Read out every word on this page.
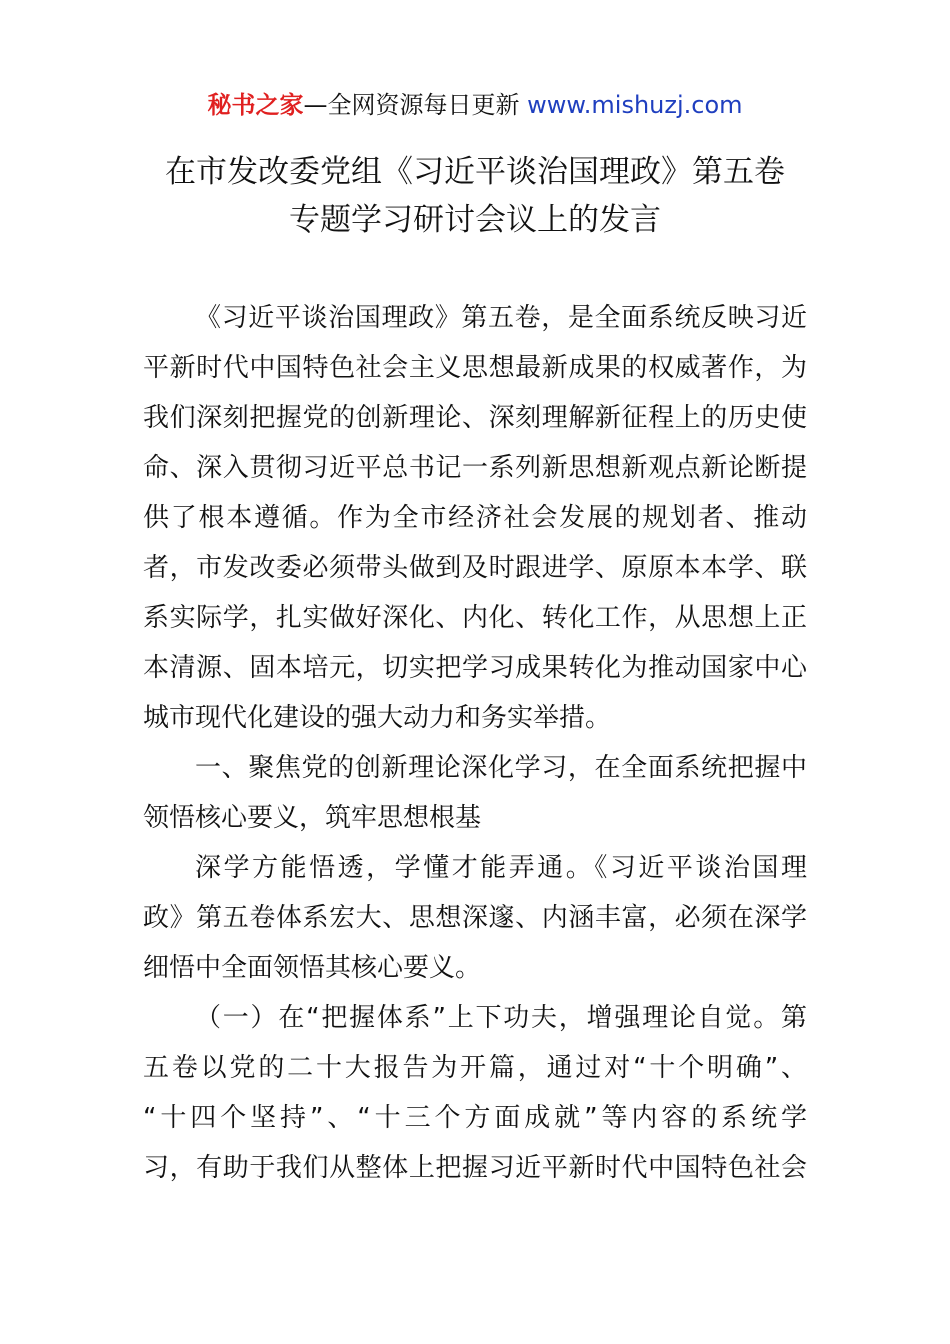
秘书之家—全网资源每日更新 www.mishuzj.com
在市发改委党组《习近平谈治国理政》第五卷
专题学习研讨会议上的发言
《习近平谈治国理政》第五卷，是全面系统反映习近
平新时代中国特色社会主义思想最新成果的权威著作，为
我们深刻把握党的创新理论、深刻理解新征程上的历史使
命、深入贯彻习近平总书记一系列新思想新观点新论断提
供了根本遵循。作为全市经济社会发展的规划者、推动
者，市发改委必须带头做到及时跟进学、原原本本学、联
系实际学，扎实做好深化、内化、转化工作，从思想上正
本清源、固本培元，切实把学习成果转化为推动国家中心
城市现代化建设的强大动力和务实举措。
一、聚焦党的创新理论深化学习，在全面系统把握中
领悟核心要义，筑牢思想根基
深学方能悟透，学懂才能弄通。《习近平谈治国理
政》第五卷体系宏大、思想深邃、内涵丰富，必须在深学
细悟中全面领悟其核心要义。
（一）在“把握体系”上下功夫，增强理论自觉。第
五卷以党的二十大报告为开篇，通过对“十个明确”、
“十四个坚持”、“十三个方面成就”等内容的系统学
习，有助于我们从整体上把握习近平新时代中国特色社会
